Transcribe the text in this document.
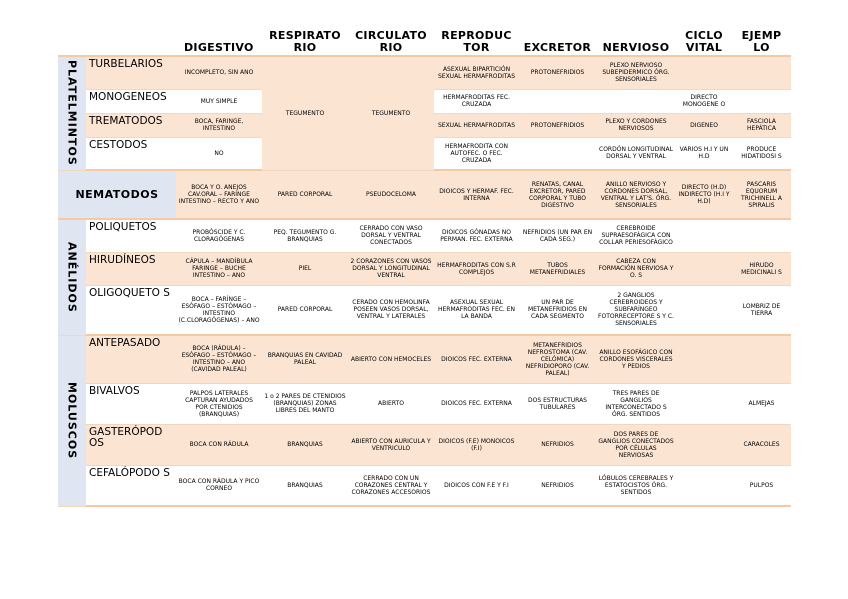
		DIGESTIVO	RESPIRATO RIO	CIRCULATO RIO	REPRODUC TOR	EXCRETOR	NERVIOSO	CICLO VITAL	EJEMP LO
PLATELMINTOS	TURBELARIOS	INCOMPLETO, SIN ANO	TEGUMENTO	TEGUMENTO	ASEXUAL BIPARTICIÓN SEXUAL HERMAFRODITAS	PROTONEFRIDIOS	PLEXO NERVIOSO SUBEPIDERMICO ÓRG. SENSORIALES		
	MONOGENEOS	MUY SIMPLE			HERMAFRODITAS FEC. CRUZADA			DIRECTO MONOGENE O	
	TREMATODOS	BOCA, FARINGE, INTESTINO			SEXUAL HERMAFRODITAS	PROTONEFRIDIOS	PLEXO Y CORDONES NERVIOSOS	DIGENEO	FASCIOLA HEPÁTICA
	CESTODOS	NO			HERMAFRODITA CON AUTOFEC. O FEC. CRUZADA		CORDÓN LONGITUDINAL DORSAL Y VENTRAL	VARIOS H.I Y UN H.D	PRODUCE HIDATIDOSI S
NEMATODOS		BOCA Y O. ANEJOS CAV.ORAL – FARINGE INTESTINO – RECTO Y ANO	PARED CORPORAL	PSEUDOCELOMA	DIOICOS Y HERMAF. FEC. INTERNA	RENATAS, CANAL EXCRETOR, PARED CORPORAL Y TUBO DIGESTIVO	ANILLO NERVIOSO Y CORDONES DORSAL, VENTRAL Y LAT'S. ÓRG. SENSORIALES	DIRECTO (H.D) INDIRECTO (H.I Y H.D)	PASCARIS EQUORUM TRICHINELL A SPIRALIS
ANÉLIDOS	POLIQUETOS	PROBÓSCIDE Y C. CLORAGÓGENAS	PEQ. TEGUMENTO G. BRANQUIAS	CERRADO CON VASO DORSAL Y VENTRAL CONECTADOS	DIOICOS GÓNADAS NO PERMAN. FEC. EXTERNA	NEFRIDIOS (UN PAR EN CADA SEG.)	CEREBROIDE SUPRAESOFÁGICA CON COLLAR PERIESOFÁGICO		
	HIRUDÍNEOS	CÁPULA – MANDÍBULA FARINGE – BUCHE INTESTINO – ANO	PIEL	2 CORAZONES CON VASOS DORSAL Y LONGITUDINAL VENTRAL	HERMAFRODITAS CON S.R COMPLEJOS	TUBOS METANEFRIDIALES	CABEZA CON FORMACIÓN NERVIOSA Y O. S		HIRUDO MEDICINALI S
	OLIGOQUETO S	BOCA – FARÍNGE – ESÓFAGO – ESTÓMAGO – INTESTINO (C.CLORAGÓGENAS) – ANO	PARED CORPORAL	CERADO CON HEMOLINFA POSEEN VASOS DORSAL, VENTRAL Y LATERALES	ASEXUAL SEXUAL HERMAFRODITAS FEC. EN LA BANDA	UN PAR DE METANEFRIDIOS EN CADA SEGMENTO	2 GANGLIOS CEREBROIDEOS Y SUBFARÍNGEO FOTORRECEPTORE S Y C. SENSORIALES		LOMBRIZ DE TIERRA
MOLUSCOS	ANTEPASADO	BOCA (RÁDULA) – ESÓFAGO – ESTÓMAGO – INTESTINO – ANO (CAVIDAD PALEAL)	BRANQUIAS EN CAVIDAD PALEAL	ABIERTO CON HEMOCELES	DIOICOS FEC. EXTERNA	METANEFRIDIOS NEFROSTOMA (CAV. CELÓMICA) NEFRIDIOPORO (CAV. PALEAL)	ANILLO ESOFÁGICO CON CORDONES VISCERALES Y PEDIOS		
	BIVALVOS	PALPOS LATERALES CAPTURAN AYUDADOS POR CTENIDIOS (BRANQUIAS)	1 o 2 PARES DE CTENIDIOS (BRANQUIAS) ZONAS LIBRES DEL MANTO	ABIERTO	DIOICOS FEC. EXTERNA	DOS ESTRUCTURAS TUBULARES	TRES PARES DE GANGLIOS INTERCONECTADO S ÓRG. SENTIDOS		ALMEJAS
	GASTERÓPOD OS	BOCA CON RÁDULA	BRANQUIAS	ABIERTO CON AURICULA Y VENTRICULO	DIOICOS (F.E) MONOICOS (F.I)	NEFRIDIOS	DOS PARES DE GANGLIOS CONECTADOS POR CÉLULAS NERVIOSAS		CARACOLES
	CEFALÓPODO S	BOCA CON RÁDULA Y PICO CORNEO	BRANQUIAS	CERRADO CON UN CORAZONES CENTRAL Y CORAZONES ACCESORIOS	DIOICOS CON F.E Y F.I	NEFRIDIOS	LÓBULOS CEREBRALES Y ESTATOCISTOS ÓRG. SENTIDOS		PULPOS
